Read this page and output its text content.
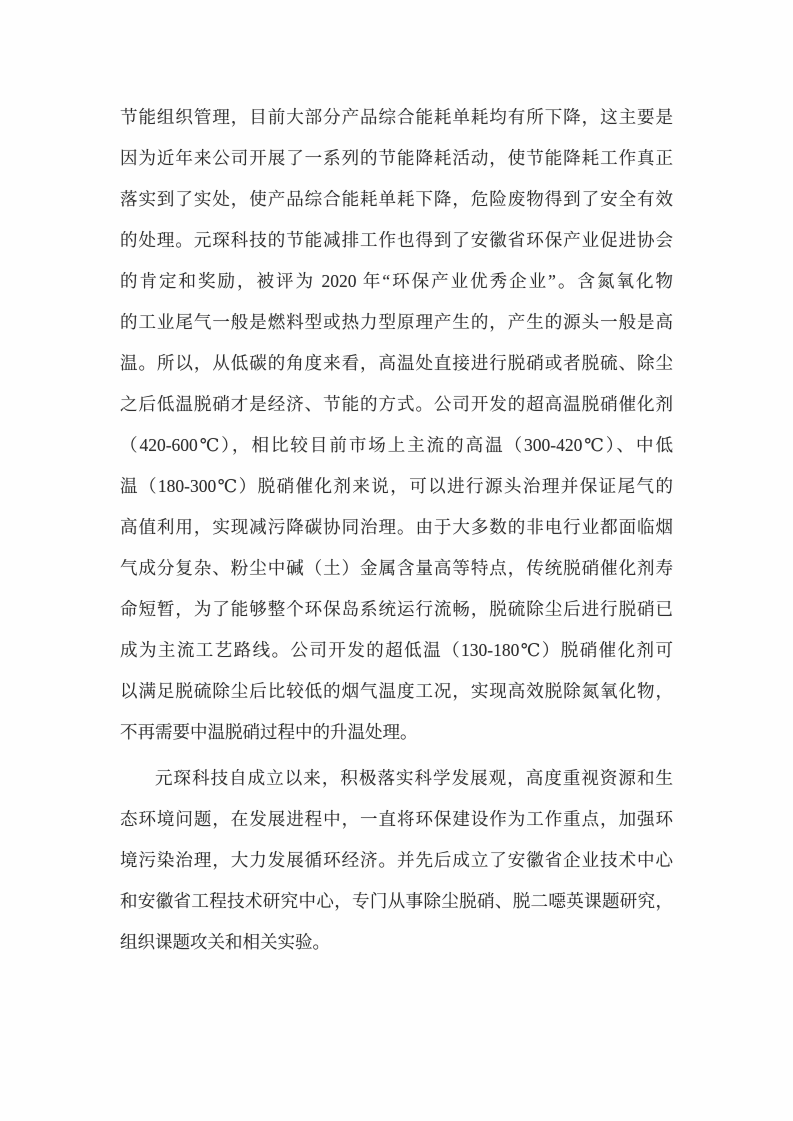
节能组织管理，目前大部分产品综合能耗单耗均有所下降，这主要是
因为近年来公司开展了一系列的节能降耗活动，使节能降耗工作真正
落实到了实处，使产品综合能耗单耗下降，危险废物得到了安全有效
的处理。元琛科技的节能减排工作也得到了安徽省环保产业促进协会
的肯定和奖励，被评为 2020 年“环保产业优秀企业”。含氮氧化物
的工业尾气一般是燃料型或热力型原理产生的，产生的源头一般是高
温。所以，从低碳的角度来看，高温处直接进行脱硝或者脱硫、除尘
之后低温脱硝才是经济、节能的方式。公司开发的超高温脱硝催化剂
（420-600℃），相比较目前市场上主流的高温（300-420℃）、中低
温（180-300℃）脱硝催化剂来说，可以进行源头治理并保证尾气的
高值利用，实现减污降碳协同治理。由于大多数的非电行业都面临烟
气成分复杂、粉尘中碱（土）金属含量高等特点，传统脱硝催化剂寿
命短暂，为了能够整个环保岛系统运行流畅，脱硫除尘后进行脱硝已
成为主流工艺路线。公司开发的超低温（130-180℃）脱硝催化剂可
以满足脱硫除尘后比较低的烟气温度工况，实现高效脱除氮氧化物，
不再需要中温脱硝过程中的升温处理。
元琛科技自成立以来，积极落实科学发展观，高度重视资源和生
态环境问题，在发展进程中，一直将环保建设作为工作重点，加强环
境污染治理，大力发展循环经济。并先后成立了安徽省企业技术中心
和安徽省工程技术研究中心，专门从事除尘脱硝、脱二噁英课题研究，
组织课题攻关和相关实验。
